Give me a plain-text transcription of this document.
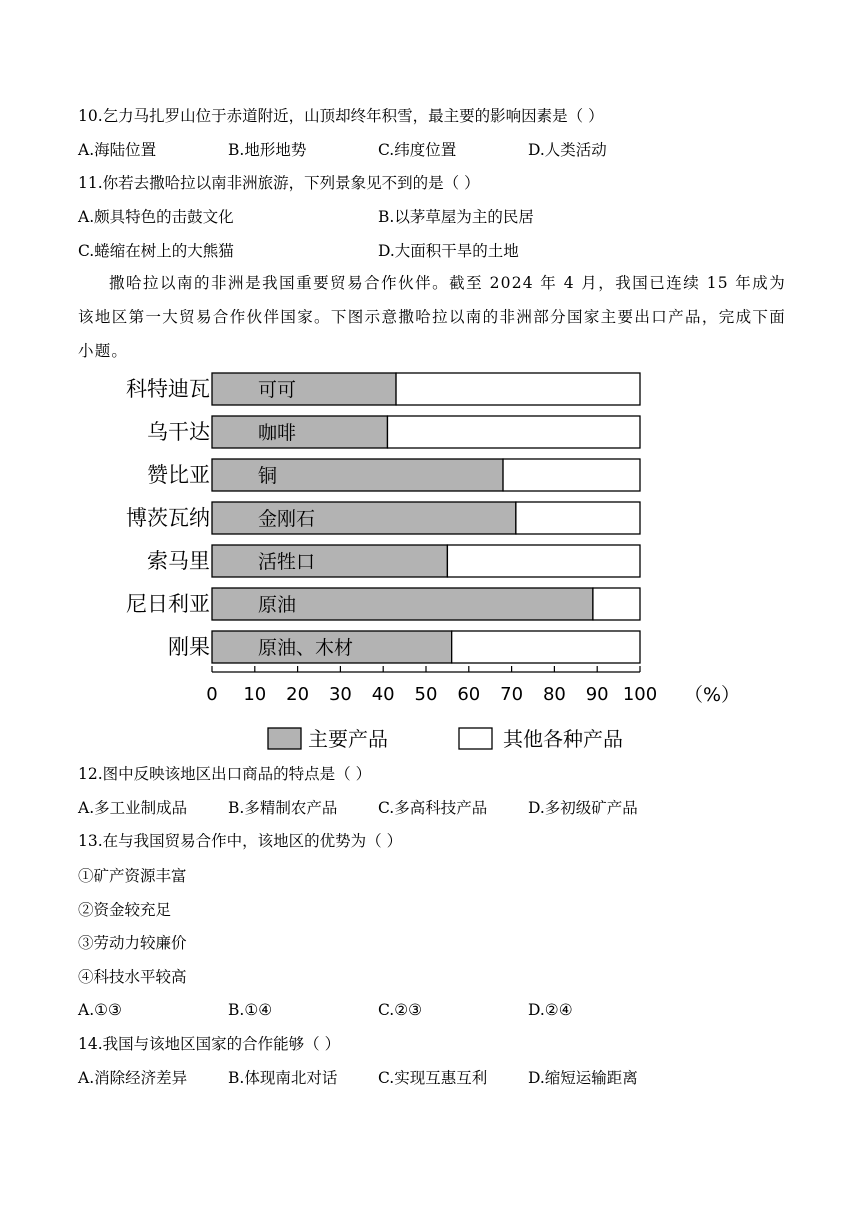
10.乞力马扎罗山位于赤道附近，山顶却终年积雪，最主要的影响因素是（ ）
A.海陆位置	B.地形地势	C.纬度位置	D.人类活动
11.你若去撒哈拉以南非洲旅游，下列景象见不到的是（ ）
A.颇具特色的击鼓文化	B.以茅草屋为主的民居
C.蜷缩在树上的大熊猫	D.大面积干旱的土地
撒哈拉以南的非洲是我国重要贸易合作伙伴。截至 2024 年 4 月，我国已连续 15 年成为该地区第一大贸易合作伙伴国家。下图示意撒哈拉以南的非洲部分国家主要出口产品，完成下面小题。
科特迪瓦
乌干达
赞比亚
博茨瓦纳
索马里
尼日利亚
刚果
可可
咖啡
铜
金刚石
活牲口
原油
原油、木材
0 10 20 30 40 50 60 70 80 90 100 （%）
主要产品	其他各种产品
12.图中反映该地区出口商品的特点是（ ）
A.多工业制成品	B.多精制农产品	C.多高科技产品	D.多初级矿产品
13.在与我国贸易合作中，该地区的优势为（ ）
①矿产资源丰富
②资金较充足
③劳动力较廉价
④科技水平较高
A.①③	B.①④	C.②③	D.②④
14.我国与该地区国家的合作能够（ ）
A.消除经济差异	B.体现南北对话	C.实现互惠互利	D.缩短运输距离
